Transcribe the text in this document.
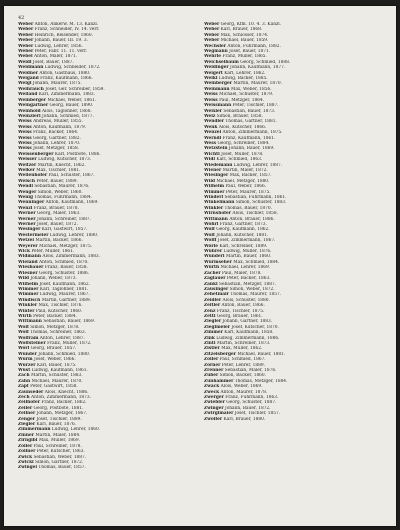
42
Weber Anton, Ankerw. M. 13. Kanzl.
Weber Franz, Schneider, IV. 14. verr.
Weber Heinrich, Reisender, 1860.
Weber Johann, Bauer, III. 19. 3.
Weber Ludwig, Lehrer, 1856.
Weber Peter, Fabr. 11. 11. verr.
Webel Anton, Maler, 1871.
Weidl Josef, Bauer, 1887.
Weidmann Ludwig, Schneider, 1872.
Weidner Anton, Gasthaus, 1880.
Weigand Franz, Kaufmann, 1866.
Weigl Johann, Maurer, 1875.
Weihrauch Josef, Ger. Schreiber, 1859.
Weiland Karl, Zimmermann, 1883.
Weinberger Michael, Weber, 1861.
Weingartner Georg, Bauer, 1890.
Weinhold Alois, Taglöhner, 1868.
Weinzierl Johann, Schmied, 1877.
Weiss Andreas, Müller, 1855.
Weiss Anton, Kaufmann, 1879.
Weiss Franz, Bäcker, 1864.
Weiss Georg, Gärtner, 1882.
Weiss Johann, Lehrer, 1870.
Weiss Josef, Metzger, 1858.
Weissenberger Karl, Postbote, 1886.
Weisser Ludwig, Kutscher, 1873.
Weitzer Martin, Knecht, 1862.
Welker Max, Tischler, 1881.
Wellenhofer Paul, Schuster, 1867.
Welsch Peter, Bauer, 1889.
Wendl Sebastian, Maurer, 1876.
Wenger Simon, Weber, 1860.
Wenig Thomas, Fuhrmann, 1884.
Wenninger Anton, Kaufmann, 1869.
Wenzl Franz, Brauer, 1878.
Werner Georg, Maler, 1863.
Werner Johann, Schreiner, 1887.
Werner Josef, Bauer, 1872.
Wesinger Karl, Gastwirt, 1857.
Westermeier Ludwig, Lehrer, 1880.
Wetzel Martin, Bäcker, 1866.
Weyerer Michael, Metzger, 1875.
Wick Peter, Müller, 1861.
Widmann Alois, Zimmermann, 1883.
Wieland Anton, Schmied, 1870.
Wiesbauer Franz, Bauer, 1858.
Wiesner Georg, Schuster, 1886.
Wild Johann, Weber, 1873.
Wilhelm Josef, Kaufmann, 1862.
Wimmer Karl, Taglöhner, 1881.
Wimmer Ludwig, Maurer, 1867.
Windisch Martin, Gärtner, 1889.
Winkler Max, Tischler, 1876.
Winter Paul, Kutscher, 1860.
Wirth Peter, Bäcker, 1884.
Wittmann Sebastian, Bauer, 1869.
Wolf Simon, Metzger, 1878.
Wolf Thomas, Schreiner, 1863.
Wolfram Anton, Lehrer, 1887.
Wolfsteiner Franz, Müller, 1872.
Wörl Georg, Brauer, 1857.
Wunder Johann, Schmied, 1880.
Wurm Josef, Weber, 1866.
Wurzer Karl, Bauer, 1875.
Wüst Ludwig, Kaufmann, 1861.
Zach Martin, Schuster, 1883.
Zahn Michael, Maurer, 1870.
Zapf Peter, Gastwirt, 1858.
Zaunseder Alois, Knecht, 1886.
Zech Anton, Zimmermann, 1873.
Zeilhofer Franz, Bäcker, 1862.
Zeiler Georg, Postbote, 1881.
Zellner Johann, Metzger, 1867.
Zenger Josef, Tischler, 1889.
Ziegler Karl, Bauer, 1876.
Zimmermann Ludwig, Lehrer, 1860.
Zinner Martin, Maler, 1884.
Zirngibl Max, Müller, 1869.
Zöller Paul, Schreiner, 1878.
Zollner Peter, Kutscher, 1863.
Zwick Sebastian, Weber, 1887.
Zwickl Simon, Gärtner, 1872.
Zwingel Thomas, Bauer, 1857.
Weber Georg, Kfm. 10. 4. 3. Kanzl.
Weber Karl, Brauer, 1868.
Weber Max, Schlosser, 1874.
Weber Michael, Bauer, 1859.
Wechsler Anton, Fuhrmann, 1882.
Wegmann Josef, Bauer, 1871.
Wehrle Franz, Müller, 1865.
Weichselbaum Georg, Schmied, 1888.
Weidinger Johann, Kaufmann, 1877.
Weigert Karl, Lehrer, 1862.
Weikl Ludwig, Bäcker, 1885.
Weinberger Martin, Maurer, 1870.
Weinmann Max, Weber, 1856.
Weiss Michael, Schuster, 1879.
Weiss Paul, Metzger, 1864.
Weissmann Peter, Tischler, 1887.
Weixler Sebastian, Bauer, 1873.
Welz Simon, Brauer, 1858.
Wendler Thomas, Gärtner, 1881.
Wenk Alois, Kutscher, 1866.
Wenzel Anton, Zimmermann, 1875.
Werndl Franz, Kaufmann, 1861.
Wess Georg, Schreiner, 1884.
Wetzstein Johann, Bauer, 1869.
Wichtl Josef, Müller, 1878.
Widl Karl, Schmied, 1863.
Wiedemann Ludwig, Lehrer, 1887.
Wiener Martin, Maler, 1872.
Wiesinger Max, Bäcker, 1857.
Wild Michael, Metzger, 1880.
Wilhelm Paul, Weber, 1866.
Wimmer Peter, Maurer, 1875.
Winderl Sebastian, Fuhrmann, 1861.
Winkelmann Simon, Schuster, 1883.
Winkler Thomas, Bauer, 1870.
Wirnshofer Alois, Tischler, 1858.
Wittmann Anton, Brauer, 1886.
Wöhrl Franz, Gärtner, 1873.
Wolf Georg, Kaufmann, 1862.
Wolf Johann, Kutscher, 1881.
Wolff Josef, Zimmermann, 1867.
Wörle Karl, Schreiner, 1889.
Wührer Ludwig, Müller, 1876.
Wunderl Martin, Bauer, 1860.
Wurmseher Max, Schmied, 1884.
Würth Michael, Lehrer, 1869.
Zacher Paul, Maler, 1878.
Zaglauer Peter, Bäcker, 1863.
Zankl Sebastian, Metzger, 1887.
Zausinger Simon, Weber, 1872.
Zehetmair Thomas, Maurer, 1857.
Zeidler Alois, Schuster, 1880.
Zeitler Anton, Bauer, 1866.
Zenz Franz, Tischler, 1875.
Zettl Georg, Brauer, 1861.
Ziegler Johann, Gärtner, 1883.
Zieglmeier Josef, Kutscher, 1870.
Zimmer Karl, Kaufmann, 1858.
Zink Ludwig, Zimmermann, 1886.
Zintl Martin, Schreiner, 1873.
Zistler Max, Müller, 1862.
Zitzelsberger Michael, Bauer, 1881.
Zoller Paul, Schmied, 1867.
Zörner Peter, Lehrer, 1889.
Zrenner Sebastian, Maler, 1876.
Zuber Simon, Bäcker, 1860.
Zunhammer Thomas, Metzger, 1884.
Zwack Alois, Weber, 1869.
Zweck Anton, Maurer, 1878.
Zwerger Franz, Fuhrmann, 1863.
Zwiebler Georg, Schuster, 1887.
Zwinger Johann, Bauer, 1872.
Zwirglmaier Josef, Tischler, 1857.
Zwölfer Karl, Brauer, 1880.
